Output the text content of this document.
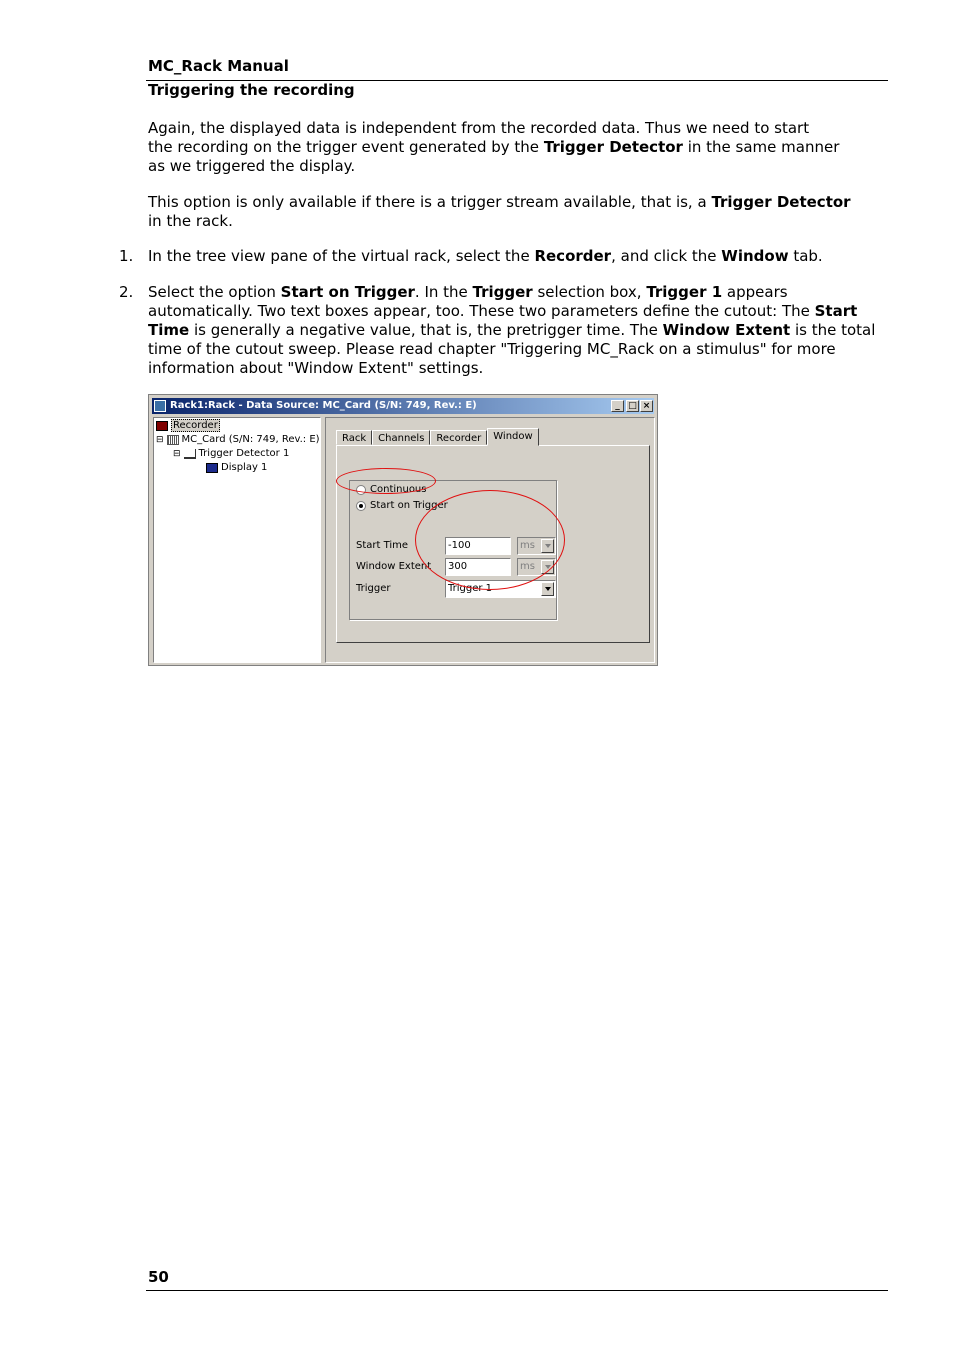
MC_Rack Manual
Triggering the recording
Again, the displayed data is independent from the recorded data. Thus we need to start
the recording on the trigger event generated by the Trigger Detector in the same manner
as we triggered the display.
This option is only available if there is a trigger stream available, that is, a Trigger Detector
in the rack.
1. In the tree view pane of the virtual rack, select the Recorder, and click the Window tab.
2. Select the option Start on Trigger. In the Trigger selection box, Trigger 1 appears
automatically. Two text boxes appear, too. These two parameters define the cutout: The Start
Time is generally a negative value, that is, the pretrigger time. The Window Extent is the total
time of the cutout sweep. Please read chapter "Triggering MC_Rack on a stimulus" for more
information about "Window Extent" settings.
Rack1:Rack - Data Source: MC_Card (S/N: 749, Rev.: E)	_ □ ×
Recorder
⊟ MC_Card (S/N: 749, Rev.: E)
⊟ Trigger Detector 1
Display 1
Rack	Channels	Recorder	Window
Continuous
Start on Trigger
Start Time	-100	ms
Window Extent	300	ms
Trigger	Trigger 1
50
